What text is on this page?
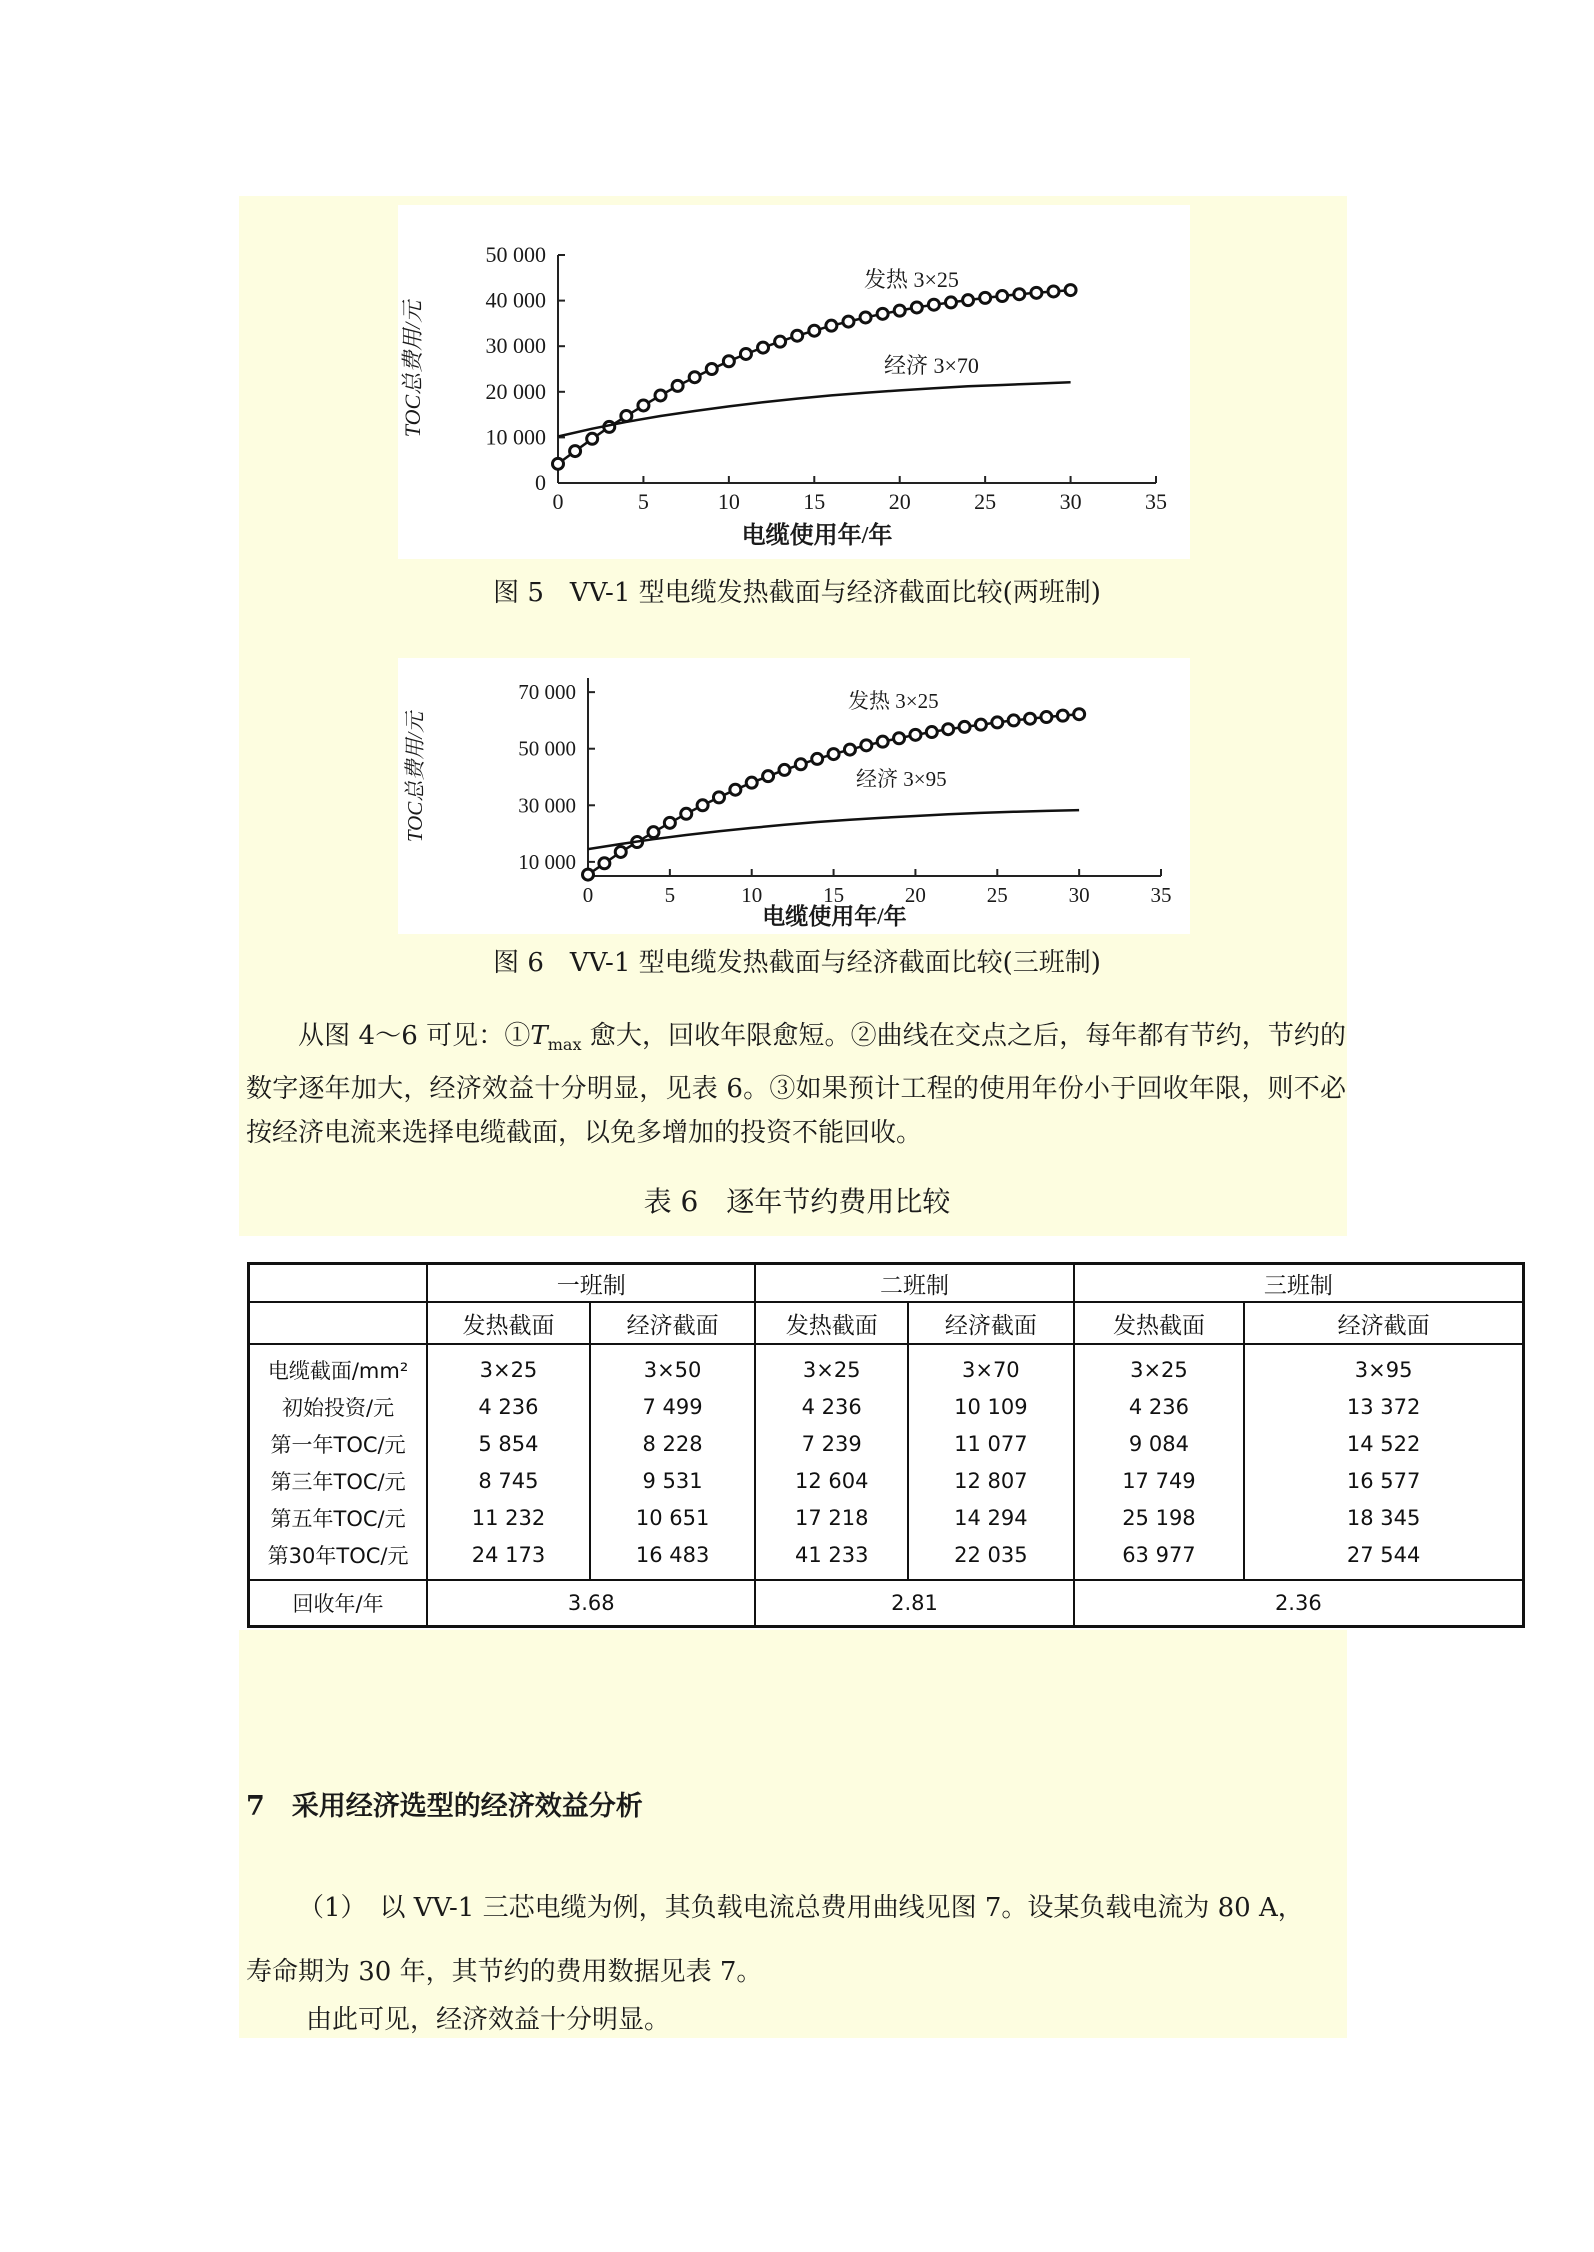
0	5	10	15	20	25	30	35
0
10 000
20 000
30 000
40 000
50 000
电缆使用年/年
TOC总费用/元
发热 3×25
经济 3×70
图 5　VV-1 型电缆发热截面与经济截面比较(两班制)
0	5	10	15	20	25	30	35
10 000
30 000
50 000
70 000
电缆使用年/年
TOC总费用/元
发热 3×25
经济 3×95
图 6　VV-1 型电缆发热截面与经济截面比较(三班制)
从图 4～6 可见：$①T_{max}$ 愈大，回收年限愈短。②曲线在交点之后，每年都有节约，节约的数字逐年加大，经济效益十分明显，见表 6。③如果预计工程的使用年份小于回收年限，则不必按经济电流来选择电缆截面，以免多增加的投资不能回收。
表 6　逐年节约费用比较
	一班制		二班制		三班制	
	发热截面	经济截面	发热截面	经济截面	发热截面	经济截面
电缆截面/mm²	3×25	3×50	3×25	3×70	3×25	3×95
初始投资/元	4 236	7 499	4 236	10 109	4 236	13 372
第一年TOC/元	5 854	8 228	7 239	11 077	9 084	14 522
第三年TOC/元	8 745	9 531	12 604	12 807	17 749	16 577
第五年TOC/元	11 232	10 651	17 218	14 294	25 198	18 345
第30年TOC/元	24 173	16 483	41 233	22 035	63 977	27 544
回收年/年	3.68		2.81		2.36	
7　采用经济选型的经济效益分析
（1）　以 VV-1 三芯电缆为例，其负载电流总费用曲线见图 7。设某负载电流为 80 A，
寿命期为 30 年，其节约的费用数据见表 7。
由此可见，经济效益十分明显。
